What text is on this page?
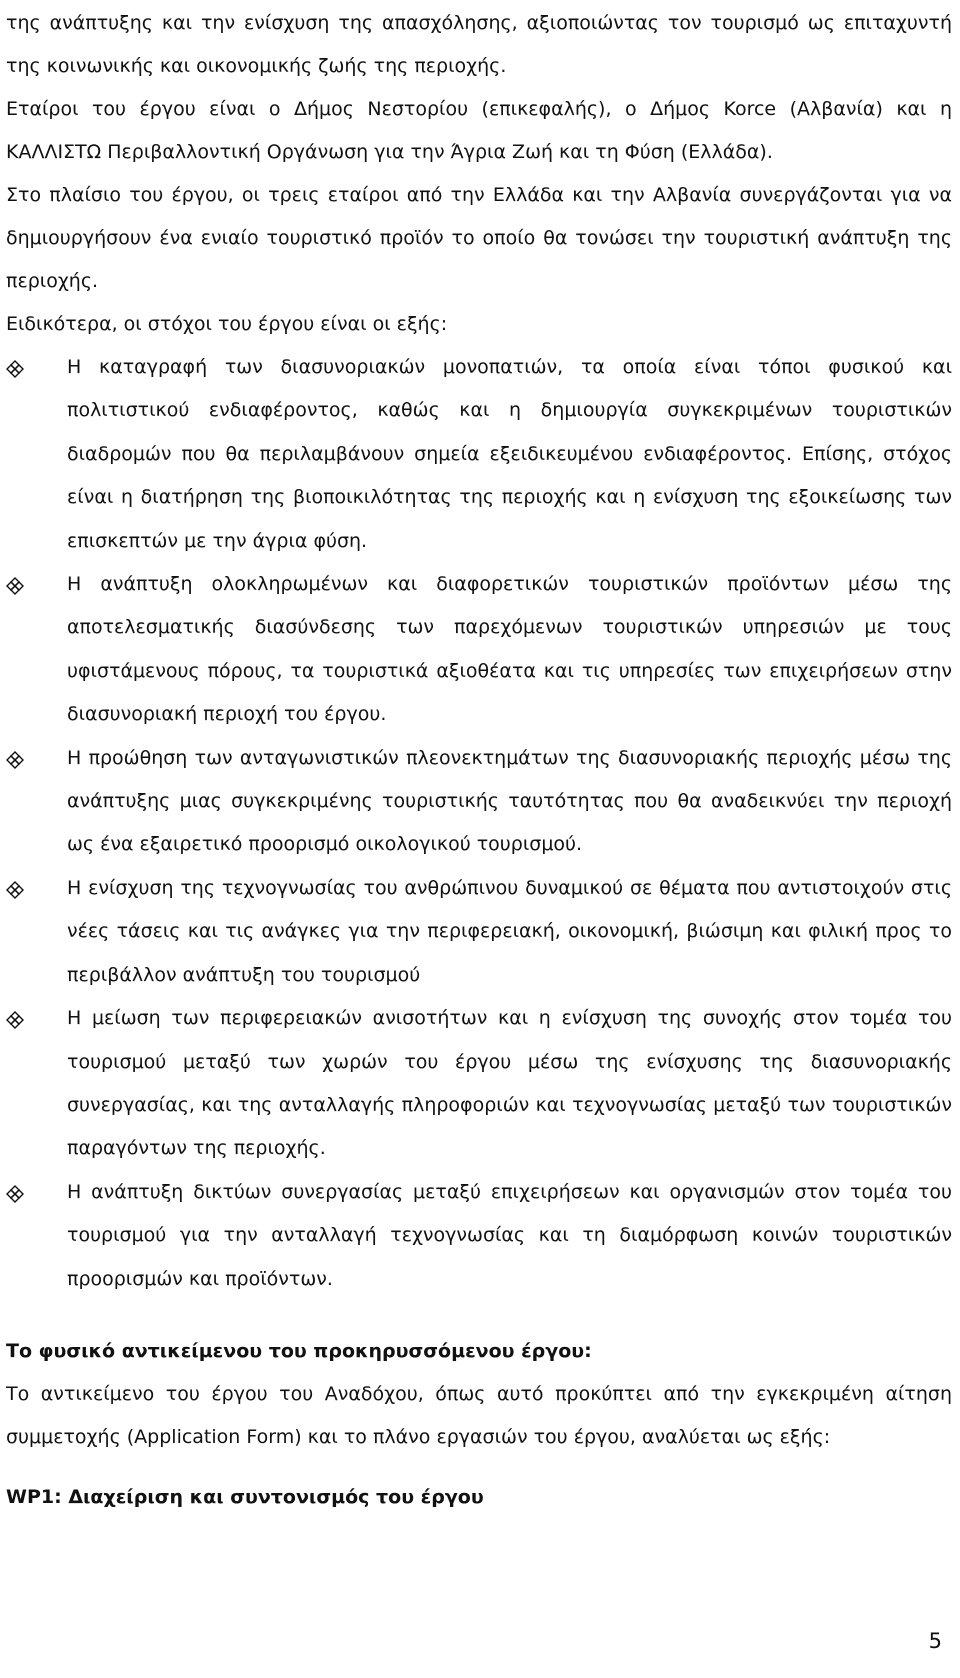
της ανάπτυξης και την ενίσχυση της απασχόλησης, αξιοποιώντας τον τουρισμό ως επιταχυντή της κοινωνικής και οικονομικής ζωής της περιοχής.

Εταίροι του έργου είναι ο Δήμος Νεστορίου (επικεφαλής), ο Δήμος Korce (Αλβανία) και η ΚΑΛΛΙΣΤΩ Περιβαλλοντική Οργάνωση για την Άγρια Ζωή και τη Φύση (Ελλάδα).

Στο πλαίσιο του έργου, οι τρεις εταίροι από την Ελλάδα και την Αλβανία συνεργάζονται για να δημιουργήσουν ένα ενιαίο τουριστικό προϊόν το οποίο θα τονώσει την τουριστική ανάπτυξη της περιοχής.

Ειδικότερα, οι στόχοι του έργου είναι οι εξής:

Η καταγραφή των διασυνοριακών μονοπατιών, τα οποία είναι τόποι φυσικού και πολιτιστικού ενδιαφέροντος, καθώς και η δημιουργία συγκεκριμένων τουριστικών διαδρομών που θα περιλαμβάνουν σημεία εξειδικευμένου ενδιαφέροντος. Επίσης, στόχος είναι η διατήρηση της βιοποικιλότητας της περιοχής και η ενίσχυση της εξοικείωσης των επισκεπτών με την άγρια φύση.
Η ανάπτυξη ολοκληρωμένων και διαφορετικών τουριστικών προϊόντων μέσω της αποτελεσματικής διασύνδεσης των παρεχόμενων τουριστικών υπηρεσιών με τους υφιστάμενους πόρους, τα τουριστικά αξιοθέατα και τις υπηρεσίες των επιχειρήσεων στην διασυνοριακή περιοχή του έργου.
Η προώθηση των ανταγωνιστικών πλεονεκτημάτων της διασυνοριακής περιοχής μέσω της ανάπτυξης μιας συγκεκριμένης τουριστικής ταυτότητας που θα αναδεικνύει την περιοχή ως ένα εξαιρετικό προορισμό οικολογικού τουρισμού.
Η ενίσχυση της τεχνογνωσίας του ανθρώπινου δυναμικού σε θέματα που αντιστοιχούν στις νέες τάσεις και τις ανάγκες για την περιφερειακή, οικονομική, βιώσιμη και φιλική προς το περιβάλλον ανάπτυξη του τουρισμού
Η μείωση των περιφερειακών ανισοτήτων και η ενίσχυση της συνοχής στον τομέα του τουρισμού μεταξύ των χωρών του έργου μέσω της ενίσχυσης της διασυνοριακής συνεργασίας, και της ανταλλαγής πληροφοριών και τεχνογνωσίας μεταξύ των τουριστικών παραγόντων της περιοχής.
Η ανάπτυξη δικτύων συνεργασίας μεταξύ επιχειρήσεων και οργανισμών στον τομέα του τουρισμού για την ανταλλαγή τεχνογνωσίας και τη διαμόρφωση κοινών τουριστικών προορισμών και προϊόντων.

Το φυσικό αντικείμενου του προκηρυσσόμενου έργου:

Το αντικείμενο του έργου του Αναδόχου, όπως αυτό προκύπτει από την εγκεκριμένη αίτηση συμμετοχής (Application Form) και το πλάνο εργασιών του έργου, αναλύεται ως εξής:

WP1: Διαχείριση και συντονισμός του έργου

5
